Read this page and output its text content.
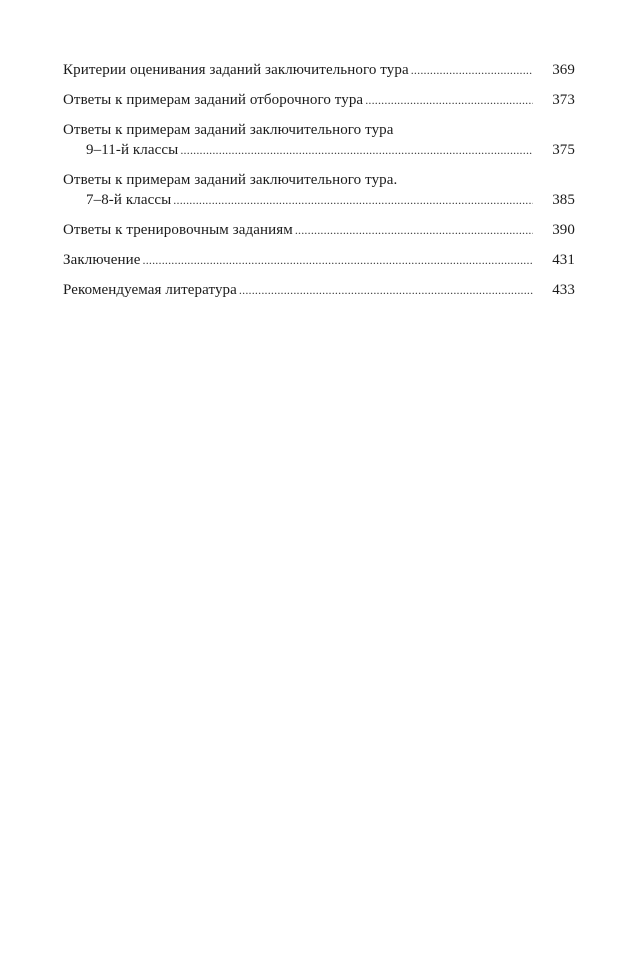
Критерии оценивания заданий заключительного тура .....	369
Ответы к примерам заданий отборочного тура .....	373
Ответы к примерам заданий заключительного тура
9–11-й классы .....	375
Ответы к примерам заданий заключительного тура.
7–8-й классы .....	385
Ответы к тренировочным заданиям .....	390
Заключение .....	431
Рекомендуемая литература .....	433
